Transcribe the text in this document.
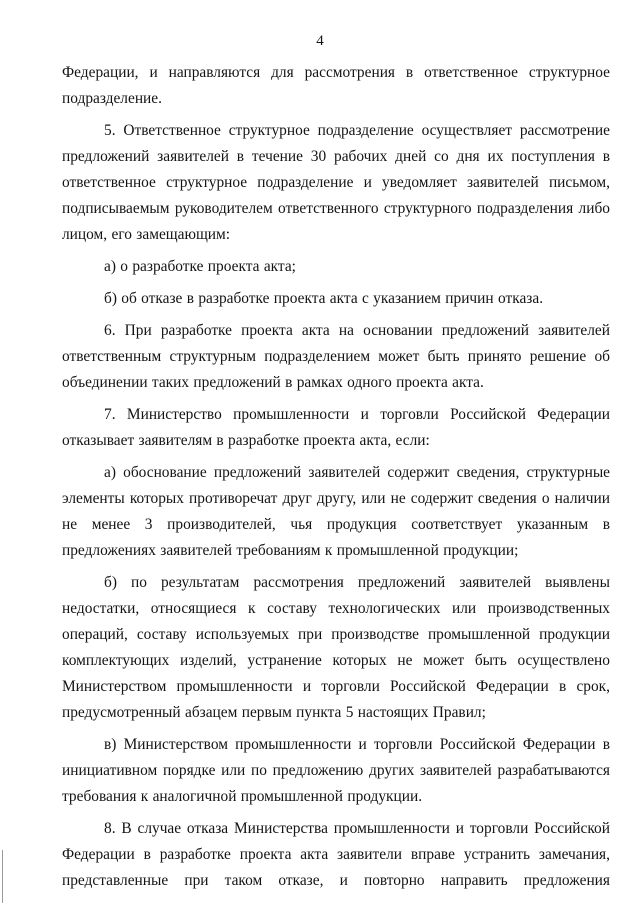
4

Федерации, и направляются для рассмотрения в ответственное структурное подразделение.

5. Ответственное структурное подразделение осуществляет рассмотрение предложений заявителей в течение 30 рабочих дней со дня их поступления в ответственное структурное подразделение и уведомляет заявителей письмом, подписываемым руководителем ответственного структурного подразделения либо лицом, его замещающим:

а) о разработке проекта акта;

б) об отказе в разработке проекта акта с указанием причин отказа.

6. При разработке проекта акта на основании предложений заявителей ответственным структурным подразделением может быть принято решение об объединении таких предложений в рамках одного проекта акта.

7. Министерство промышленности и торговли Российской Федерации отказывает заявителям в разработке проекта акта, если:

а) обоснование предложений заявителей содержит сведения, структурные элементы которых противоречат друг другу, или не содержит сведения о наличии не менее 3 производителей, чья продукция соответствует указанным в предложениях заявителей требованиям к промышленной продукции;

б) по результатам рассмотрения предложений заявителей выявлены недостатки, относящиеся к составу технологических или производственных операций, составу используемых при производстве промышленной продукции комплектующих изделий, устранение которых не может быть осуществлено Министерством промышленности и торговли Российской Федерации в срок, предусмотренный абзацем первым пункта 5 настоящих Правил;

в) Министерством промышленности и торговли Российской Федерации в инициативном порядке или по предложению других заявителей разрабатываются требования к аналогичной промышленной продукции.

8. В случае отказа Министерства промышленности и торговли Российской Федерации в разработке проекта акта заявители вправе устранить замечания, представленные при таком отказе, и повторно направить предложения
